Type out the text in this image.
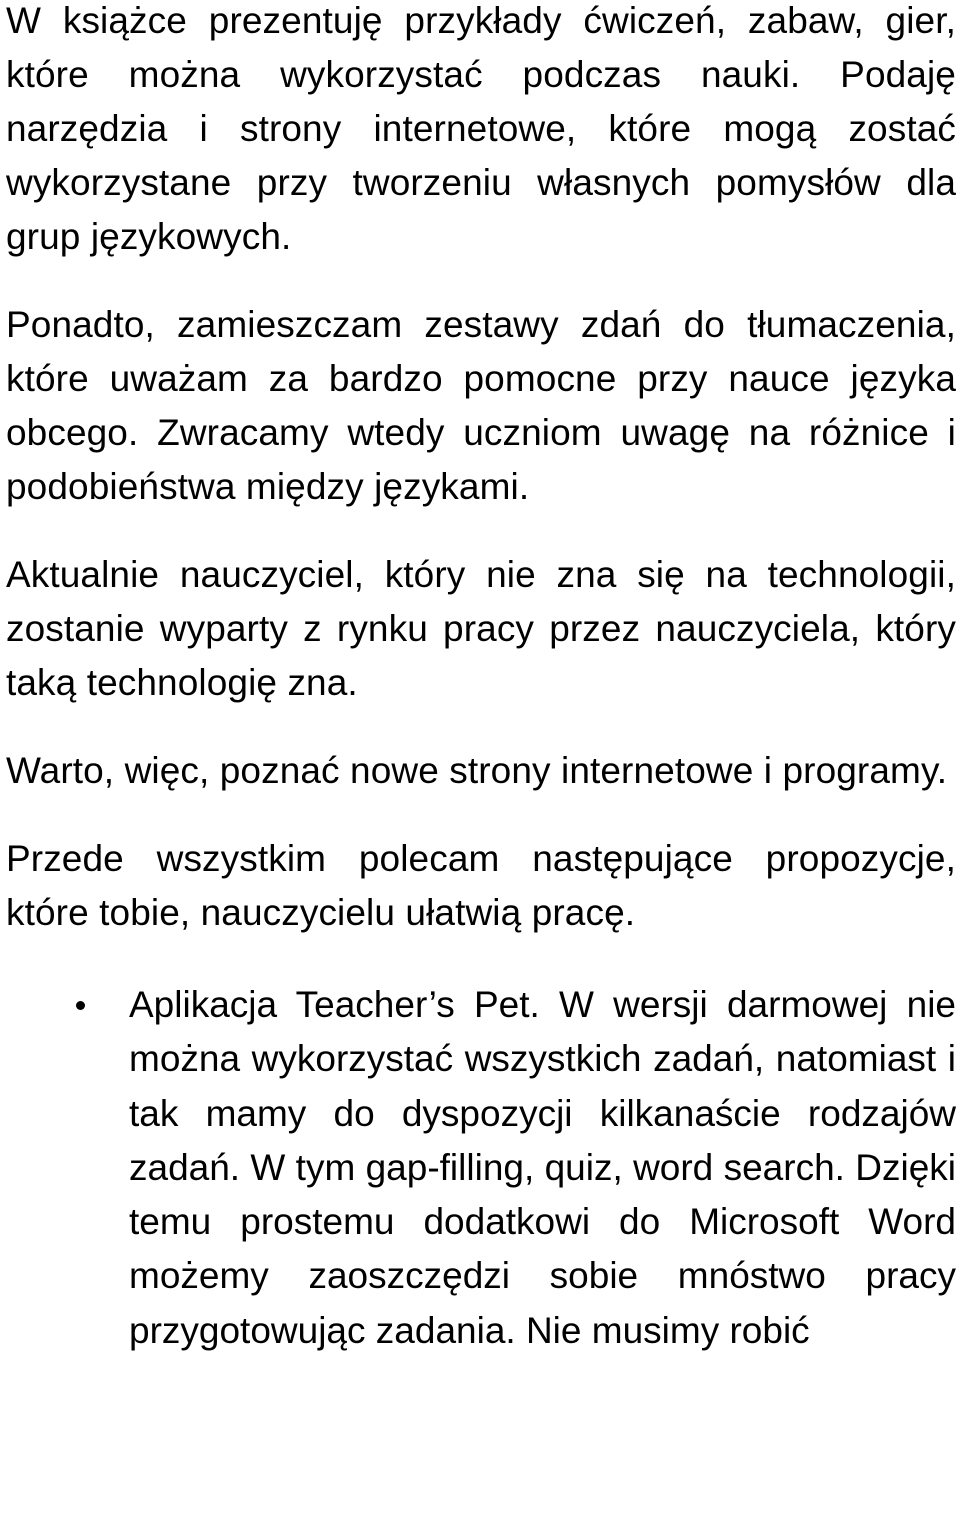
W książce prezentuję przykłady ćwiczeń, zabaw, gier, które można wykorzystać podczas nauki. Podaję narzędzia i strony internetowe, które mogą zostać wykorzystane przy tworzeniu własnych pomysłów dla grup językowych.

Ponadto, zamieszczam zestawy zdań do tłumaczenia, które uważam za bardzo pomocne przy nauce języka obcego. Zwracamy wtedy uczniom uwagę na różnice i podobieństwa między językami.

Aktualnie nauczyciel, który nie zna się na technologii, zostanie wyparty z rynku pracy przez nauczyciela, który taką technologię zna.

Warto, więc, poznać nowe strony internetowe i programy.

Przede wszystkim polecam następujące propozycje, które tobie, nauczycielu ułatwią pracę.

Aplikacja Teacher’s Pet. W wersji darmowej nie można wykorzystać wszystkich zadań, natomiast i tak mamy do dyspozycji kilkanaście rodzajów zadań. W tym gap-filling, quiz, word search. Dzięki temu prostemu dodatkowi do Microsoft Word możemy zaoszczędzi sobie mnóstwo pracy przygotowując zadania. Nie musimy robić
